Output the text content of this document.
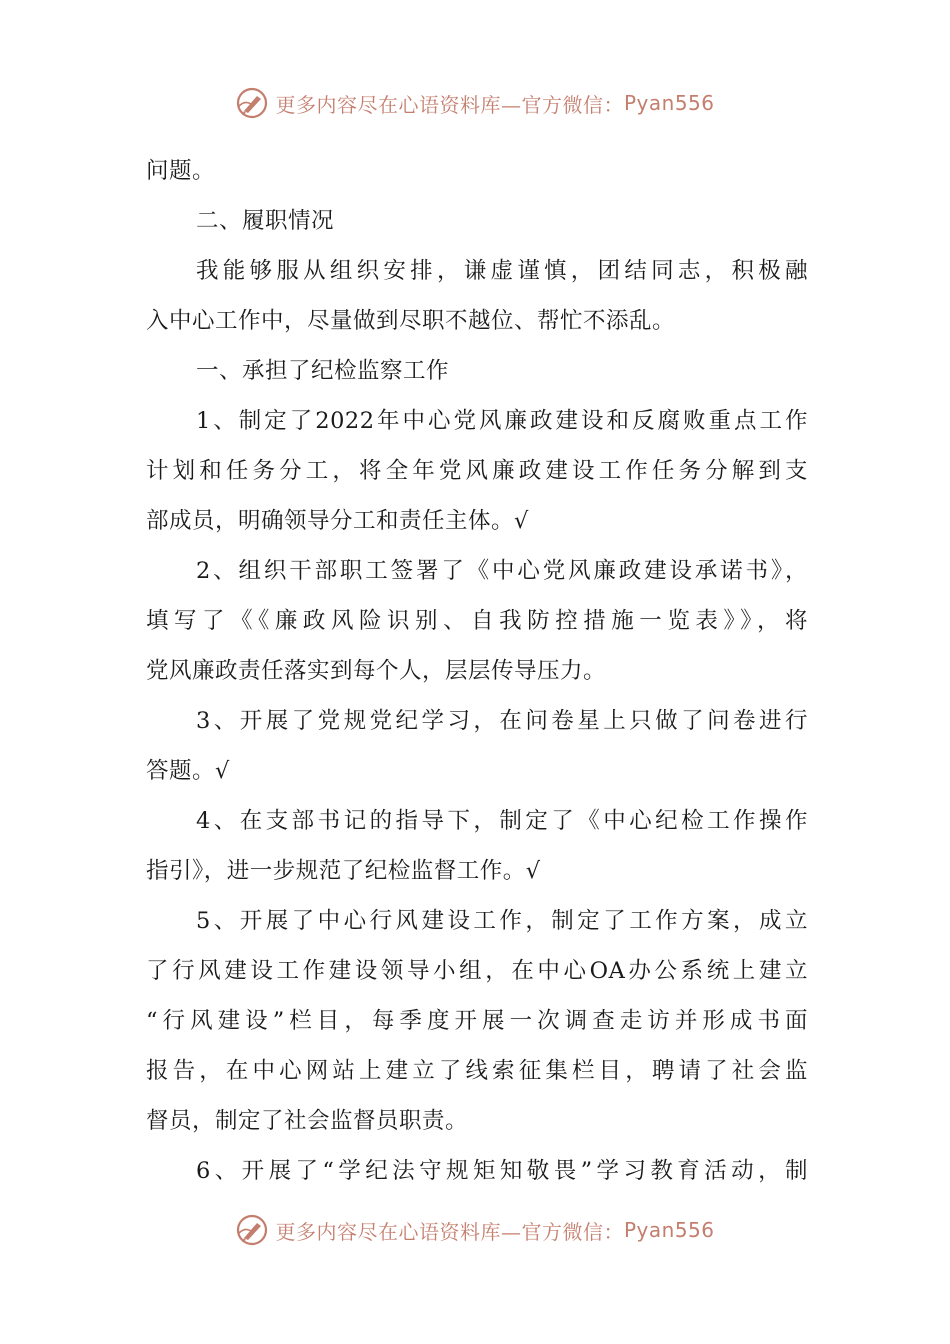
更多内容尽在心语资料库—官方微信： Pyan556
问题。
二、履职情况
我能够服从组织安排，谦虚谨慎，团结同志，积极融
入中心工作中，尽量做到尽职不越位、帮忙不添乱。
一、承担了纪检监察工作
1、制定了2022年中心党风廉政建设和反腐败重点工作
计划和任务分工，将全年党风廉政建设工作任务分解到支
部成员，明确领导分工和责任主体。√
2、组织干部职工签署了《中心党风廉政建设承诺书》，
填写了《《廉政风险识别、自我防控措施一览表》》，将
党风廉政责任落实到每个人，层层传导压力。
3、开展了党规党纪学习，在问卷星上只做了问卷进行
答题。√
4、在支部书记的指导下，制定了《中心纪检工作操作
指引》，进一步规范了纪检监督工作。√
5、开展了中心行风建设工作，制定了工作方案，成立
了行风建设工作建设领导小组，在中心OA办公系统上建立
“行风建设”栏目，每季度开展一次调查走访并形成书面
报告，在中心网站上建立了线索征集栏目，聘请了社会监
督员，制定了社会监督员职责。
6、开展了“学纪法守规矩知敬畏”学习教育活动，制
更多内容尽在心语资料库—官方微信： Pyan556
